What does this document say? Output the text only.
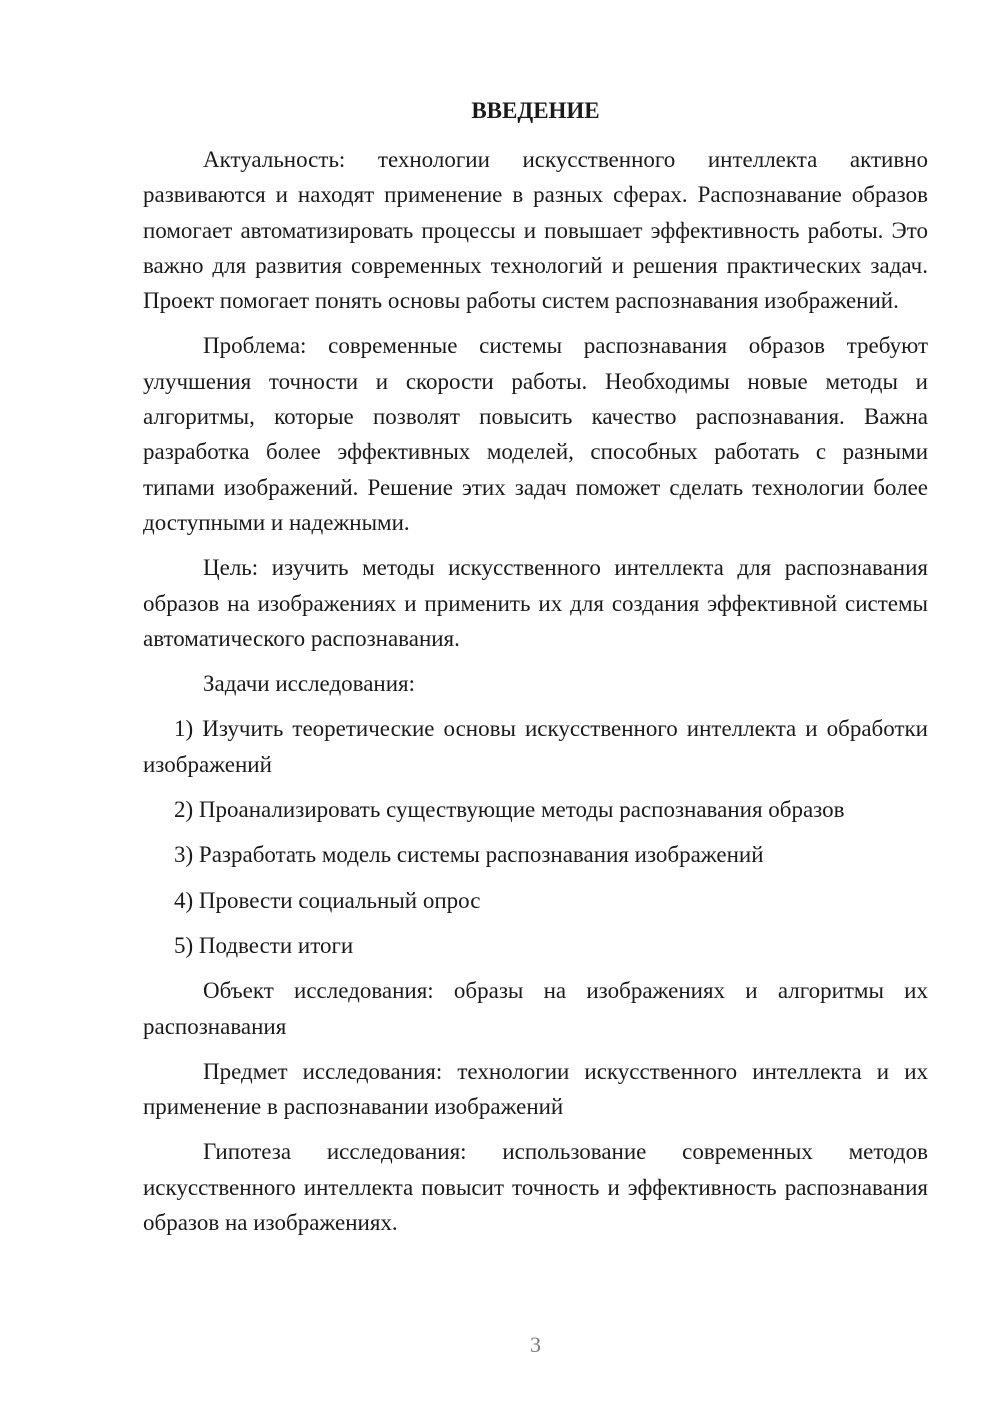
ВВЕДЕНИЕ

Актуальность: технологии искусственного интеллекта активно развиваются и находят применение в разных сферах. Распознавание образов помогает автоматизировать процессы и повышает эффективность работы. Это важно для развития современных технологий и решения практических задач. Проект помогает понять основы работы систем распознавания изображений.

Проблема: современные системы распознавания образов требуют улучшения точности и скорости работы. Необходимы новые методы и алгоритмы, которые позволят повысить качество распознавания. Важна разработка более эффективных моделей, способных работать с разными типами изображений. Решение этих задач поможет сделать технологии более доступными и надежными.

Цель: изучить методы искусственного интеллекта для распознавания образов на изображениях и применить их для создания эффективной системы автоматического распознавания.

Задачи исследования:

1) Изучить теоретические основы искусственного интеллекта и обработки изображений

2) Проанализировать существующие методы распознавания образов

3) Разработать модель системы распознавания изображений

4) Провести социальный опрос

5) Подвести итоги

Объект исследования: образы на изображениях и алгоритмы их распознавания

Предмет исследования: технологии искусственного интеллекта и их применение в распознавании изображений

Гипотеза исследования: использование современных методов искусственного интеллекта повысит точность и эффективность распознавания образов на изображениях.

3
